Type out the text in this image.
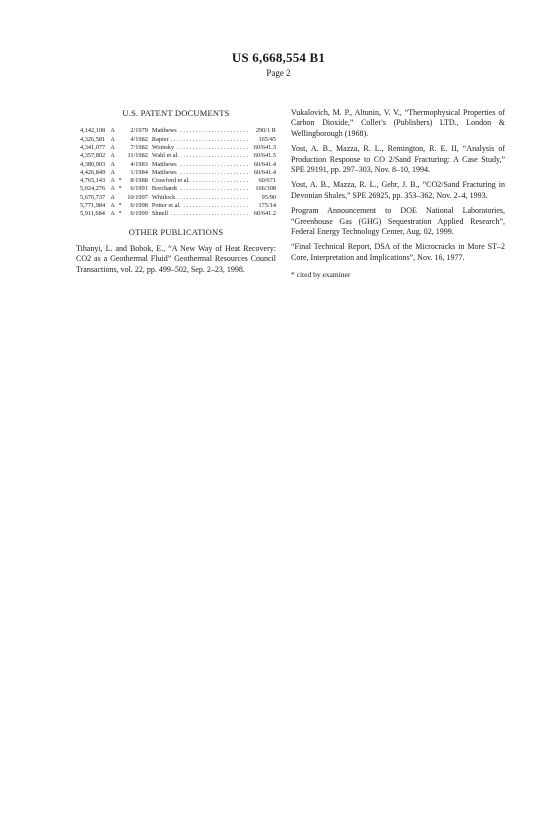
US 6,668,554 B1
Page 2
U.S. PATENT DOCUMENTS
4,142,108	A		2/1979	Matthews . . .	290/1 R
4,326,581	A		4/1982	Rapier . . .	165/45
4,341,077	A		7/1982	Woinsky . . .	60/641.3
4,357,802	A		11/1982	Wahl et al. . . .	60/641.5
4,380,903	A		4/1983	Matthews . . .	60/641.4
4,426,849	A		1/1984	Matthews . . .	60/641.4
4,765,143	A	*	8/1988	Crawford et al. . . .	60/671
5,024,276	A	*	6/1991	Borchardt . . .	166/308
5,676,737	A		10/1997	Whitlock . . .	95/90
5,771,984	A	*	6/1998	Potter et al. . . .	175/14
5,911,684	A	*	6/1999	Shnell . . .	60/641.2
OTHER PUBLICATIONS

Tihanyi, L. and Bobok, E., “A New Way of Heat Recovery: CO2 as a Geothermal Fluid” Geothermal Resources Council Transactions, vol. 22, pp. 499–502, Sep. 2–23, 1998.

Vukalovich, M. P., Altunin, V. V., “Thermophysical Properties of Carbon Dioxide,” Collet’s (Publishers) LTD., London & Wellingborough (1968).

Yost, A. B., Mazza, R. L., Remington, R. E. II, “Analysis of Production Response to CO 2/Sand Fracturing: A Case Study,” SPE 29191, pp. 297–303, Nov. 8–10, 1994.

Yost, A. B., Mazza, R. L., Gehr, J. B., “CO2/Sand Fracturing in Devonian Shales,” SPE 26925, pp. 353–362, Nov. 2–4, 1993.

Program Announcement to DOE National Laboratories, “Greenhouse Gas (GHG) Sequestration Applied Research”, Federal Energy Technology Center, Aug. 02, 1999.

“Final Technical Report, DSA of the Microcracks in More ST–2 Core, Interpretation and Implications”, Nov. 16, 1977.

* cited by examiner
